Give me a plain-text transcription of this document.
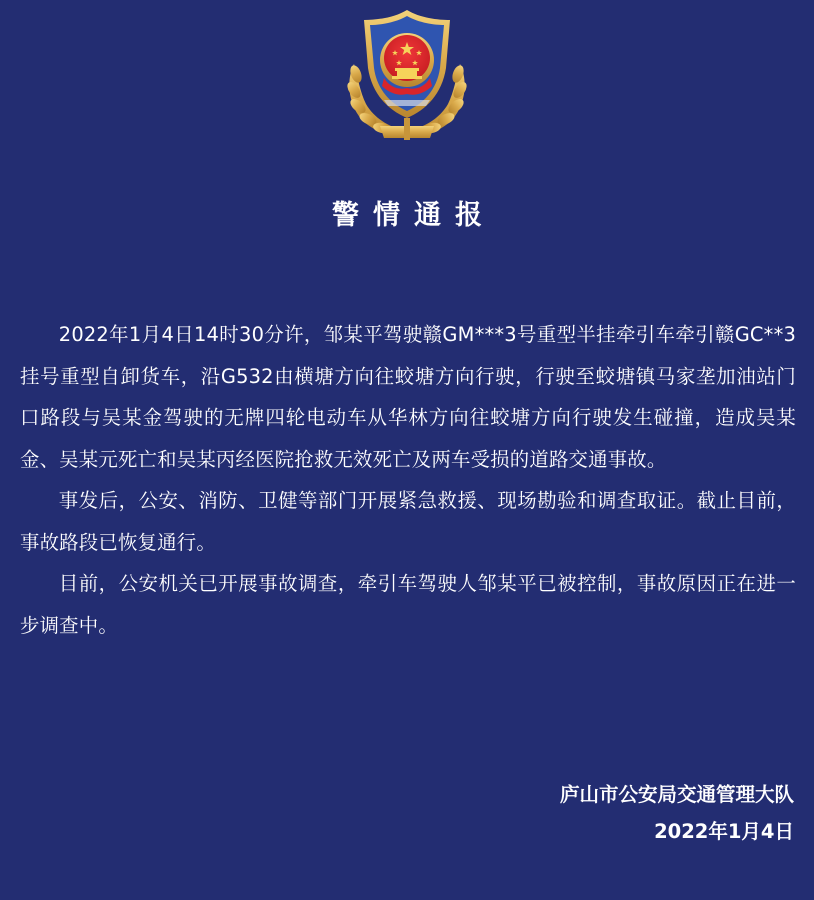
警情通报

2022年1月4日14时30分许，邹某平驾驶赣GM***3号重型半挂牵引车牵引赣GC**3挂号重型自卸货车，沿G532由横塘方向往蛟塘方向行驶，行驶至蛟塘镇马家垄加油站门口路段与吴某金驾驶的无牌四轮电动车从华林方向往蛟塘方向行驶发生碰撞，造成吴某金、吴某元死亡和吴某丙经医院抢救无效死亡及两车受损的道路交通事故。

事发后，公安、消防、卫健等部门开展紧急救援、现场勘验和调查取证。截止目前，事故路段已恢复通行。

目前，公安机关已开展事故调查，牵引车驾驶人邹某平已被控制，事故原因正在进一步调查中。

庐山市公安局交通管理大队
2022年1月4日
